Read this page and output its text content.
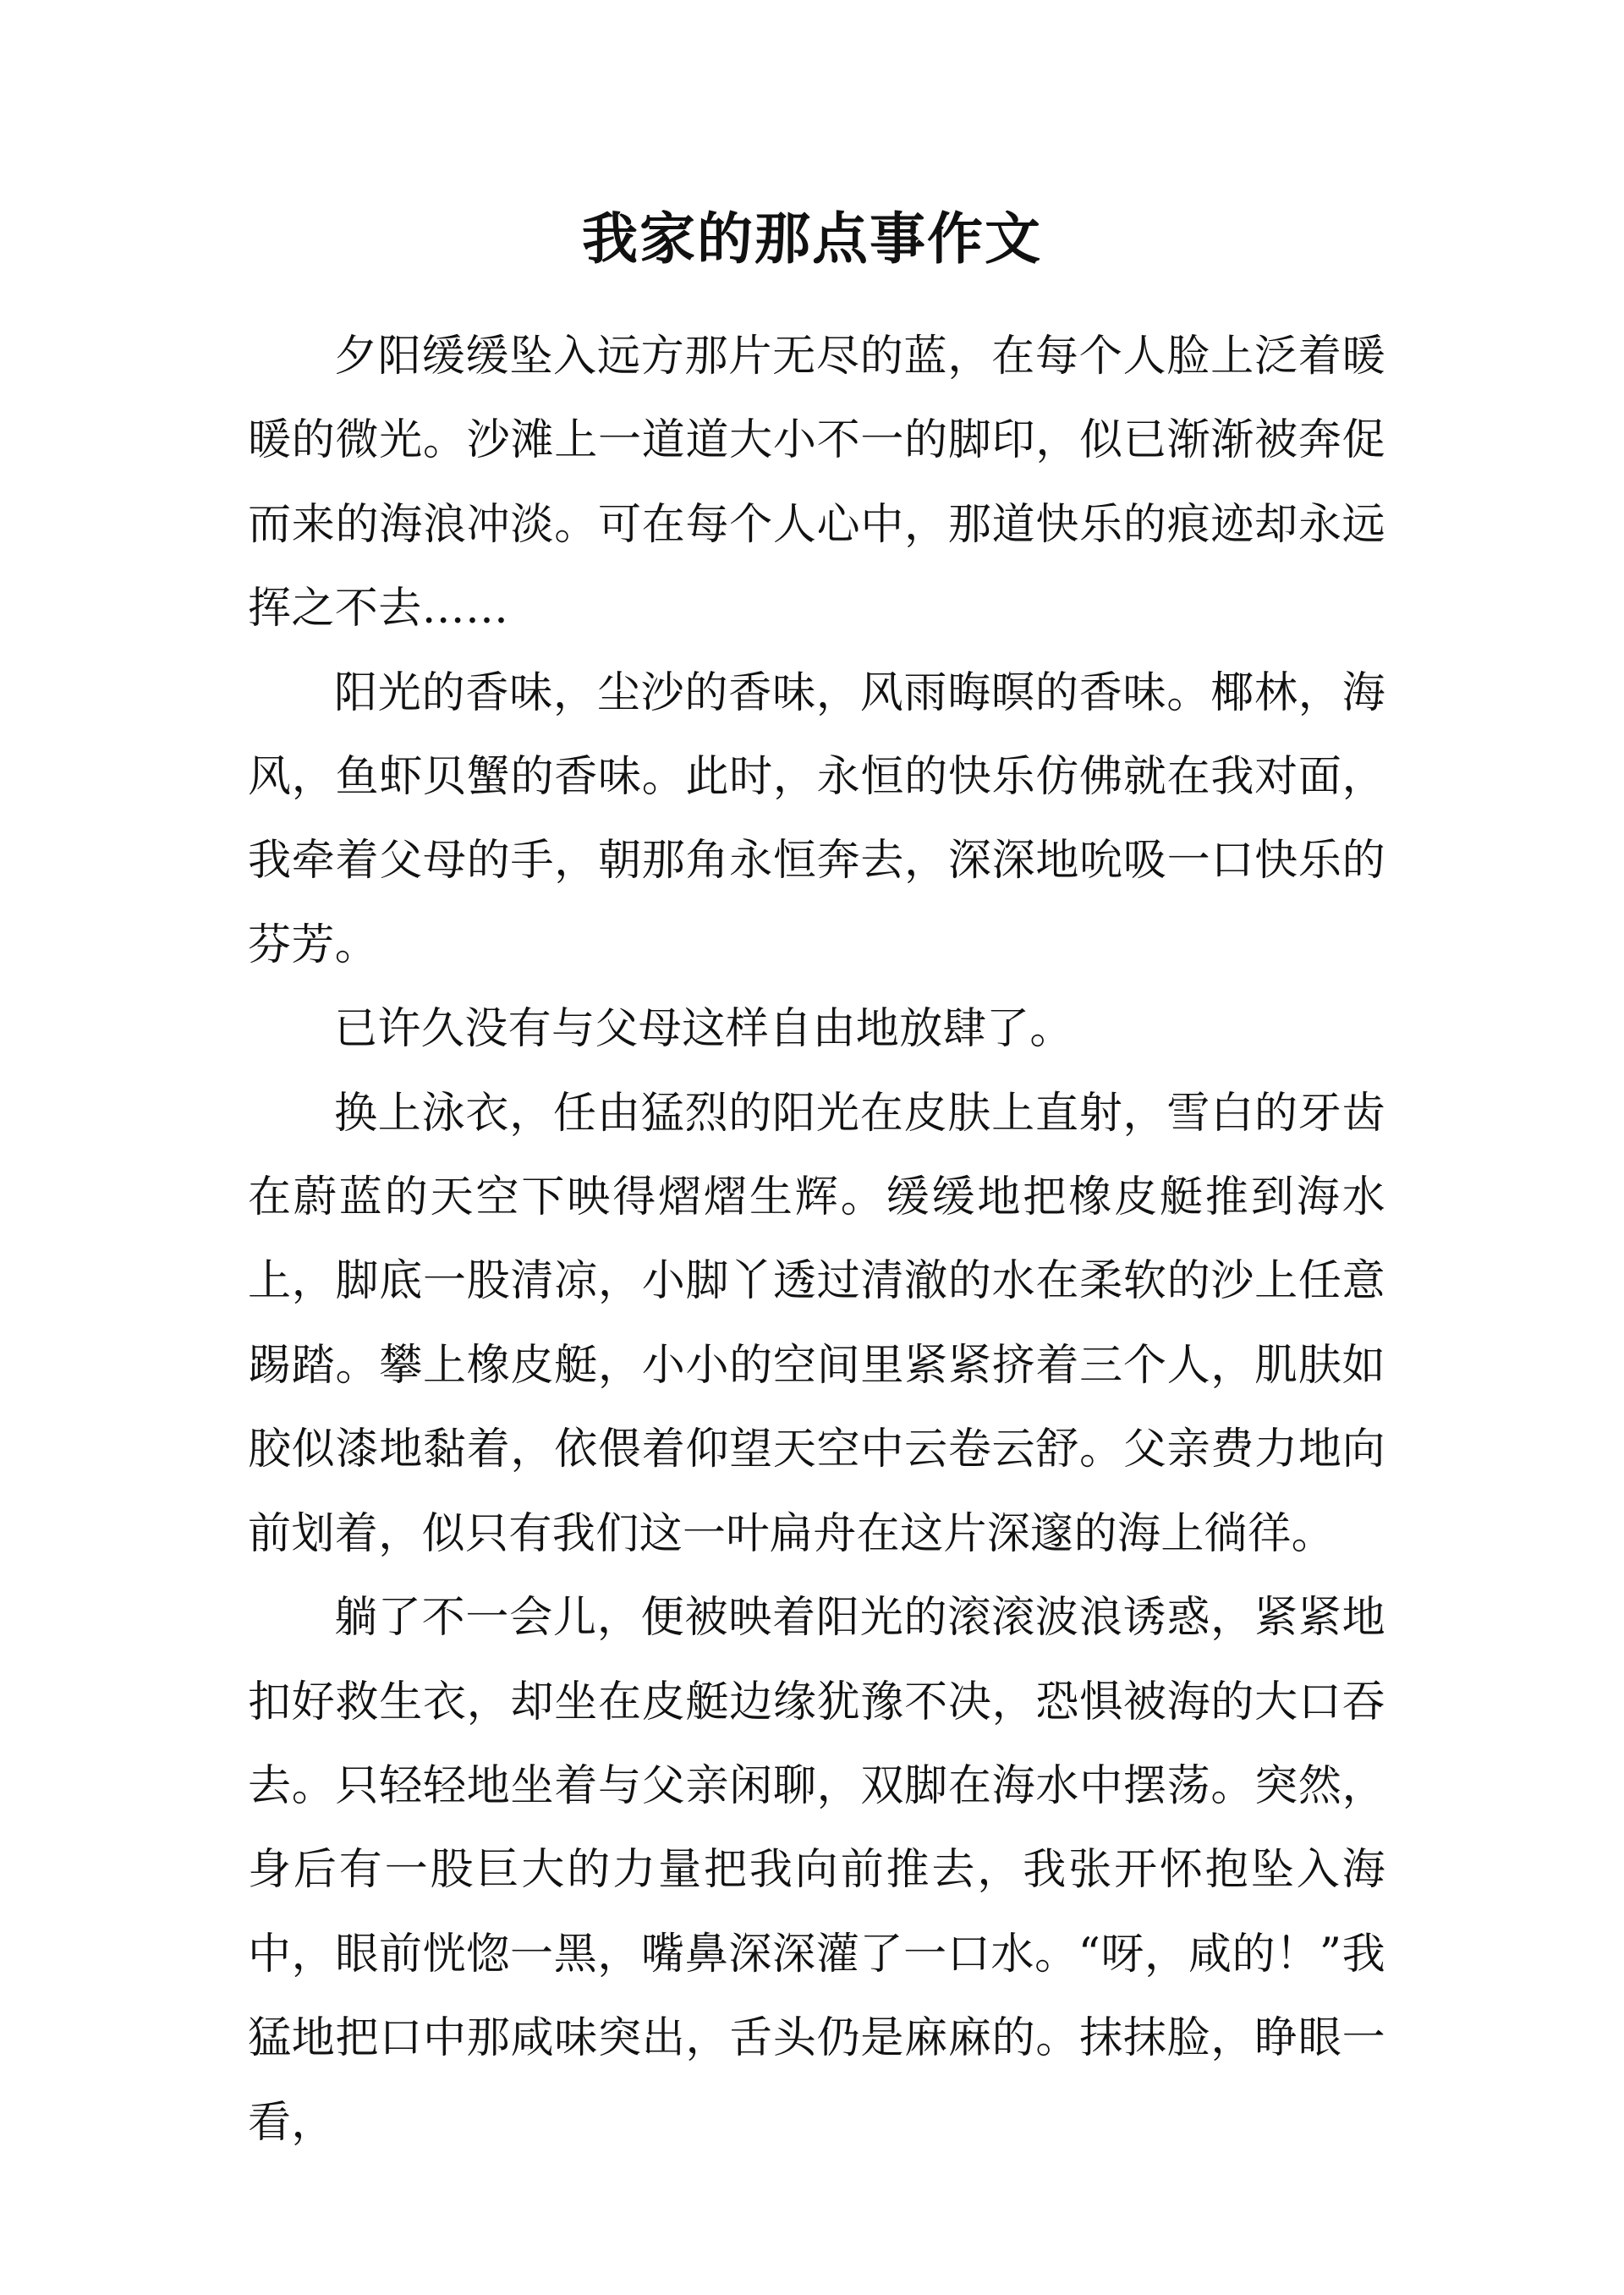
我家的那点事作文

夕阳缓缓坠入远方那片无尽的蓝，在每个人脸上泛着暖暖的微光。沙滩上一道道大小不一的脚印，似已渐渐被奔促而来的海浪冲淡。可在每个人心中，那道快乐的痕迹却永远挥之不去……

阳光的香味，尘沙的香味，风雨晦暝的香味。椰林，海风，鱼虾贝蟹的香味。此时，永恒的快乐仿佛就在我对面，我牵着父母的手，朝那角永恒奔去，深深地吮吸一口快乐的芬芳。

已许久没有与父母这样自由地放肆了。

换上泳衣，任由猛烈的阳光在皮肤上直射，雪白的牙齿在蔚蓝的天空下映得熠熠生辉。缓缓地把橡皮艇推到海水上，脚底一股清凉，小脚丫透过清澈的水在柔软的沙上任意踢踏。攀上橡皮艇，小小的空间里紧紧挤着三个人，肌肤如胶似漆地黏着，依偎着仰望天空中云卷云舒。父亲费力地向前划着，似只有我们这一叶扁舟在这片深邃的海上徜徉。

躺了不一会儿，便被映着阳光的滚滚波浪诱惑，紧紧地扣好救生衣，却坐在皮艇边缘犹豫不决，恐惧被海的大口吞去。只轻轻地坐着与父亲闲聊，双脚在海水中摆荡。突然，身后有一股巨大的力量把我向前推去，我张开怀抱坠入海中，眼前恍惚一黑，嘴鼻深深灌了一口水。“呀，咸的！”我猛地把口中那咸味突出，舌头仍是麻麻的。抹抹脸，睁眼一看，
